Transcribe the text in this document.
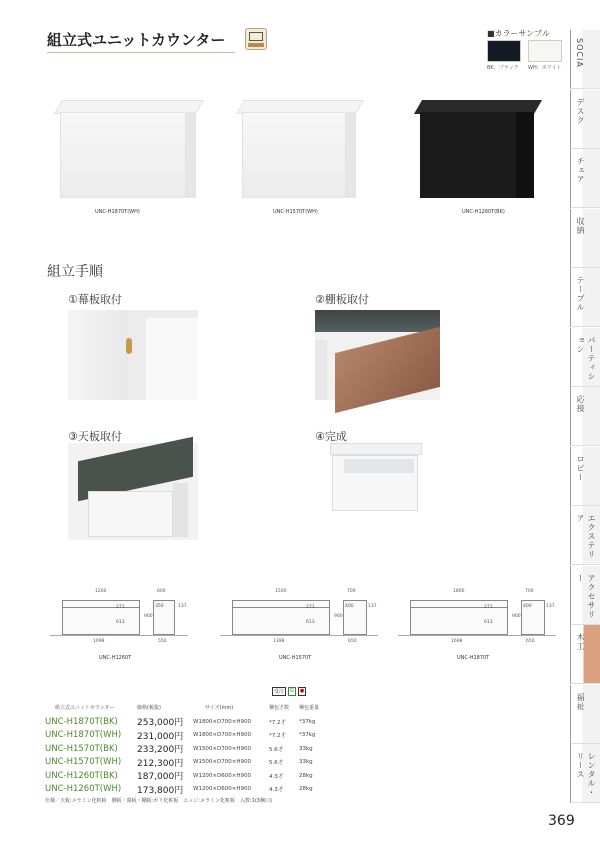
組立式ユニットカウンター	■カラーサンプル
BK：ブラック WH：ホワイト
UNC-H1870T(WH)	UNC-H1570T(WH)	UNC-H1260T(BK)
組立手順
①幕板取付	②棚板取付
③天板取付	④完成
1200	600
900
271
613
350	137
1098	550
UNC-H1260T
1500	700
900
271
613
400	137
1398	650
UNC-H1570T
1800	700
900
271
613
400	137
1698	650
UNC-H1870T
受注	G	●
組立式ユニットカウンター	価格(税抜)	サイズ(mm)	梱包才数	梱包重量
UNC-H1870T(BK)	253,000円	W1800×D700×H900	*7.2才	*37kg
UNC-H1870T(WH)	231,000円	W1800×D700×H900	*7.2才	*37kg
UNC-H1570T(BK)	233,200円	W1500×D700×H900	5.6才	33kg
UNC-H1570T(WH)	212,300円	W1500×D700×H900	5.6才	33kg
UNC-H1260T(BK)	187,000円	W1200×D600×H900	4.3才	28kg
UNC-H1260T(WH)	173,800円	W1200×D600×H900	4.3才	28kg
仕様／天板:メラミン化粧板　側板・幕板・棚板:ポリ化粧板　エッジ:メラミン化粧板　入数:1(3梱口)
SOCIA
デスク
チェア
収納
テーブル
パーティション
応接
ロビー
エクステリア
アクセサリー
木工
福祉
レンタル・リース
369
